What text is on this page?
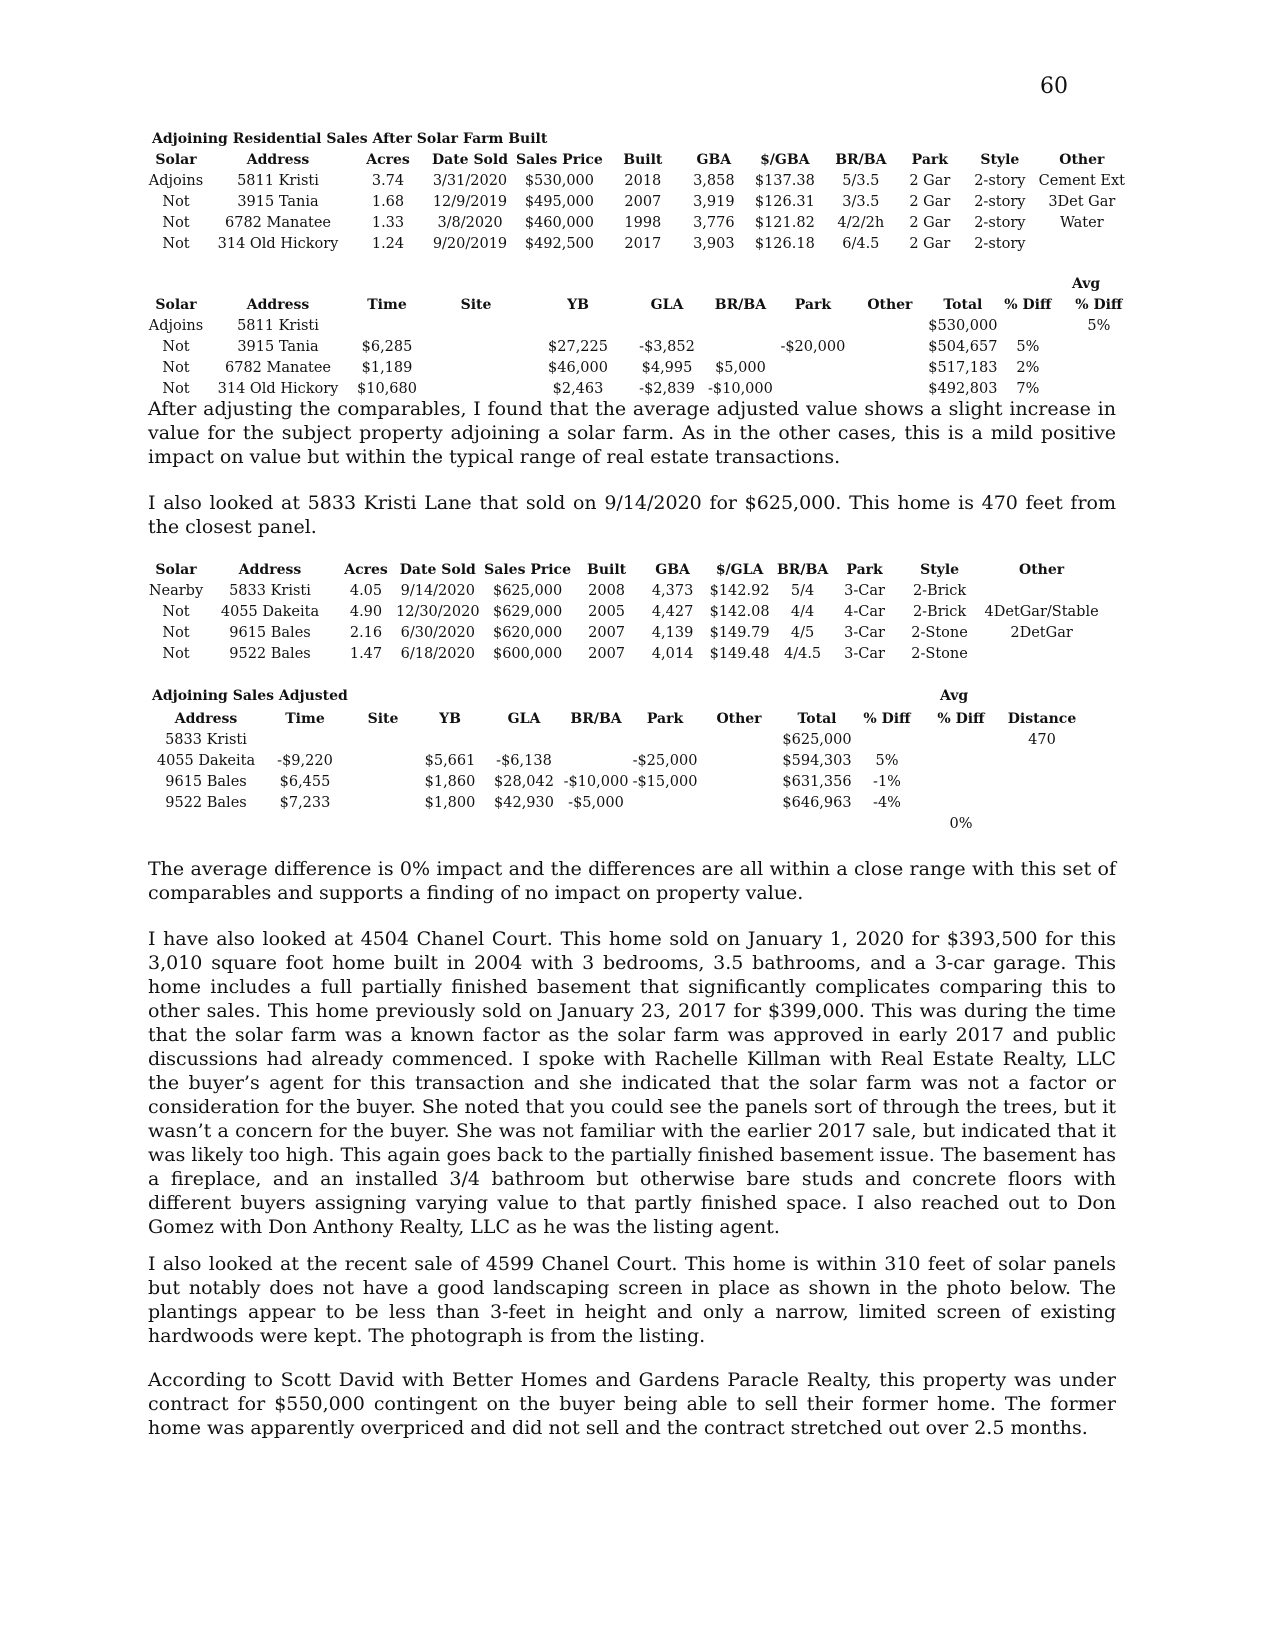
60
Adjoining Residential Sales After Solar Farm Built
Solar	Address	Acres	Date Sold	Sales Price	Built	GBA	$/GBA	BR/BA	Park	Style	Other
Adjoins	5811 Kristi	3.74	3/31/2020	$530,000	2018	3,858	$137.38	5/3.5	2 Gar	2-story	Cement Ext
Not	3915 Tania	1.68	12/9/2019	$495,000	2007	3,919	$126.31	3/3.5	2 Gar	2-story	3Det Gar
Not	6782 Manatee	1.33	3/8/2020	$460,000	1998	3,776	$121.82	4/2/2h	2 Gar	2-story	Water
Not	314 Old Hickory	1.24	9/20/2019	$492,500	2017	3,903	$126.18	6/4.5	2 Gar	2-story	
Avg
Solar	Address	Time	Site	YB	GLA	BR/BA	Park	Other	Total	% Diff	% Diff
Adjoins	5811 Kristi								$530,000		5%
Not	3915 Tania	$6,285		$27,225	-$3,852		-$20,000		$504,657	5%	
Not	6782 Manatee	$1,189		$46,000	$4,995	$5,000			$517,183	2%	
Not	314 Old Hickory	$10,680		$2,463	-$2,839	-$10,000			$492,803	7%	

After adjusting the comparables, I found that the average adjusted value shows a slight increase in value for the subject property adjoining a solar farm. As in the other cases, this is a mild positive impact on value but within the typical range of real estate transactions.

I also looked at 5833 Kristi Lane that sold on 9/14/2020 for $625,000. This home is 470 feet from the closest panel.

Solar	Address	Acres	Date Sold	Sales Price	Built	GBA	$/GLA	BR/BA	Park	Style	Other
Nearby	5833 Kristi	4.05	9/14/2020	$625,000	2008	4,373	$142.92	5/4	3-Car	2-Brick	
Not	4055 Dakeita	4.90	12/30/2020	$629,000	2005	4,427	$142.08	4/4	4-Car	2-Brick	4DetGar/Stable
Not	9615 Bales	2.16	6/30/2020	$620,000	2007	4,139	$149.79	4/5	3-Car	2-Stone	2DetGar
Not	9522 Bales	1.47	6/18/2020	$600,000	2007	4,014	$149.48	4/4.5	3-Car	2-Stone	
Adjoining Sales Adjusted	Avg
Address	Time	Site	YB	GLA	BR/BA	Park	Other	Total	% Diff	% Diff	Distance
5833 Kristi								$625,000			470
4055 Dakeita	-$9,220		$5,661	-$6,138		-$25,000		$594,303	5%		
9615 Bales	$6,455		$1,860	$28,042	-$10,000	-$15,000		$631,356	-1%		
9522 Bales	$7,233		$1,800	$42,930	-$5,000			$646,963	-4%		
										0%	

The average difference is 0% impact and the differences are all within a close range with this set of comparables and supports a finding of no impact on property value.

I have also looked at 4504 Chanel Court. This home sold on January 1, 2020 for $393,500 for this 3,010 square foot home built in 2004 with 3 bedrooms, 3.5 bathrooms, and a 3-car garage. This home includes a full partially finished basement that significantly complicates comparing this to other sales. This home previously sold on January 23, 2017 for $399,000. This was during the time that the solar farm was a known factor as the solar farm was approved in early 2017 and public discussions had already commenced. I spoke with Rachelle Killman with Real Estate Realty, LLC the buyer’s agent for this transaction and she indicated that the solar farm was not a factor or consideration for the buyer. She noted that you could see the panels sort of through the trees, but it wasn’t a concern for the buyer. She was not familiar with the earlier 2017 sale, but indicated that it was likely too high. This again goes back to the partially finished basement issue. The basement has a fireplace, and an installed 3/4 bathroom but otherwise bare studs and concrete floors with different buyers assigning varying value to that partly finished space. I also reached out to Don Gomez with Don Anthony Realty, LLC as he was the listing agent.

I also looked at the recent sale of 4599 Chanel Court. This home is within 310 feet of solar panels but notably does not have a good landscaping screen in place as shown in the photo below. The plantings appear to be less than 3-feet in height and only a narrow, limited screen of existing hardwoods were kept. The photograph is from the listing.

According to Scott David with Better Homes and Gardens Paracle Realty, this property was under contract for $550,000 contingent on the buyer being able to sell their former home. The former home was apparently overpriced and did not sell and the contract stretched out over 2.5 months.
